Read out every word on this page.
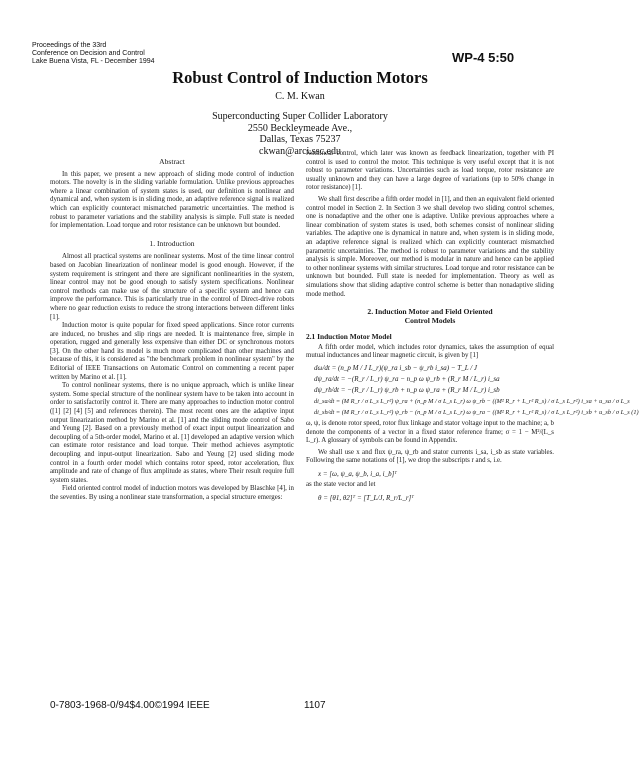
Proceedings of the 33rd
Conference on Decision and Control
Lake Buena Vista, FL - December 1994	WP-4 5:50
Robust Control of Induction Motors
C. M. Kwan
Superconducting Super Collider Laboratory
2550 Beckleymeade Ave.,
Dallas, Texas 75237
ckwan@arci.ssc.edu
Abstract
In this paper, we present a new approach of sliding mode control of induction motors. The novelty is in the sliding variable formulation. Unlike previous approaches where a linear combination of system states is used, our definition is nonlinear and dynamical and, when system is in sliding mode, an adaptive reference signal is realized which can explicitly counteract mismatched parametric uncertainties. The method is robust to parameter variations and the stability analysis is simple. Full state is needed for implementation. Load torque and rotor resistance can be unknown but bounded.
1. Introduction
Almost all practical systems are nonlinear systems. Most of the time linear control based on Jacobian linearization of nonlinear model is good enough. However, if the system requirement is stringent and there are significant nonlinearities in the system, linear control may not be good enough to satisfy system specifications. Nonlinear control methods can make use of the structure of a specific system and hence can improve the performance. This is particularly true in the control of Direct-drive robots where no gear reduction exists to reduce the strong interactions between different links [1].
Induction motor is quite popular for fixed speed applications. Since rotor currents are induced, no brushes and slip rings are needed. It is maintenance free, simple in operation, rugged and generally less expensive than either DC or synchronous motors [3]. On the other hand its model is much more complicated than other machines and because of this, it is considered as "the benchmark problem in nonlinear system" by the Editorial of IEEE Transactions on Automatic Control on commenting a recent paper written by Marino et al. [1].
To control nonlinear systems, there is no unique approach, which is unlike linear system. Some special structure of the nonlinear system have to be taken into account in order to satisfactorily control it. There are many approaches to induction motor control ([1] [2] [4] [5] and references therein). The most recent ones are the adaptive input output linearization method by Marino et al. [1] and the sliding mode control of Sabo and Yeung [2]. Based on a previously method of exact input output linearization and decoupling of a 5th-order model, Marino et al. [1] developed an adaptive version which can estimate rotor resistance and load torque. Their method achieves asymptotic decoupling and input-output linearization. Sabo and Yeung [2] used sliding mode control in a fourth order model which contains rotor speed, rotor acceleration, flux amplitude and rate of change of flux amplitude as states, where Their result require full system states.
Field oriented control model of induction motors was developed by Blaschke [4], in the seventies. By using a nonlinear state transformation, a special structure emerges:
Nonlinear control, which later was known as feedback linearization, together with PI control is used to control the motor. This technique is very useful except that it is not robust to parameter variations. Uncertainties such as load torque, rotor resistance are usually unknown and they can have a large degree of variations (up to 50% change in rotor resistance) [1].
We shall first describe a fifth order model in [1], and then an equivalent field oriented control model in Section 2. In Section 3 we shall develop two sliding control schemes, one is nonadaptive and the other one is adaptive. Unlike previous approaches where a linear combination of system states is used, both schemes consist of nonlinear sliding variables. The adaptive one is dynamical in nature and, when system is in sliding mode, an adaptive reference signal is realized which can explicitly counteract mismatched parametric uncertainties. The method is robust to parameter variations and the stability analysis is simple. Moreover, our method is modular in nature and hence can be applied to other nonlinear systems with similar structures. Load torque and rotor resistance can be unknown but bounded. Full state is needed for implementation. Theory as well as simulations show that sliding adaptive control scheme is better than nonadaptive sliding mode method.
2. Induction Motor and Field Oriented
Control Models
2.1 Induction Motor Model
A fifth order model, which includes rotor dynamics, takes the assumption of equal mutual inductances and linear magnetic circuit, is given by [1]
dω/dt = (n_p M / J L_r)(ψ_ra i_sb − ψ_rb i_sa) − T_L / J
dψ_ra/dt = −(R_r / L_r) ψ_ra − n_p ω ψ_rb + (R_r M / L_r) i_sa
dψ_rb/dt = −(R_r / L_r) ψ_rb + n_p ω ψ_ra + (R_r M / L_r) i_sb
di_sa/dt = (M R_r / σ L_s L_r²) ψ_ra + (n_p M / σ L_s L_r) ω ψ_rb − ((M² R_r + L_r² R_s) / σ L_s L_r²) i_sa + u_sa / σ L_s
di_sb/dt = (M R_r / σ L_s L_r²) ψ_rb − (n_p M / σ L_s L_r) ω ψ_ra − ((M² R_r + L_r² R_s) / σ L_s L_r²) i_sb + u_sb / σ L_s (1)
ω, ψ, is denote rotor speed, rotor flux linkage and stator voltage input to the machine; a, b denote the components of a vector in a fixed stator reference frame; σ = 1 − M²/(L_s L_r). A glossary of symbols can be found in Appendix.
We shall use x and flux ψ_ra, ψ_rb and stator currents i_sa, i_sb as state variables. Following the same notations of [1], we drop the subscripts r and s, i.e.
x = [ω, ψ_a, ψ_b, i_a, i_b]ᵀ
as the state vector and let
θ = [θ1, θ2]ᵀ = [T_L/J, R_r/L_r]ᵀ
0-7803-1968-0/94$4.00©1994 IEEE	1107
